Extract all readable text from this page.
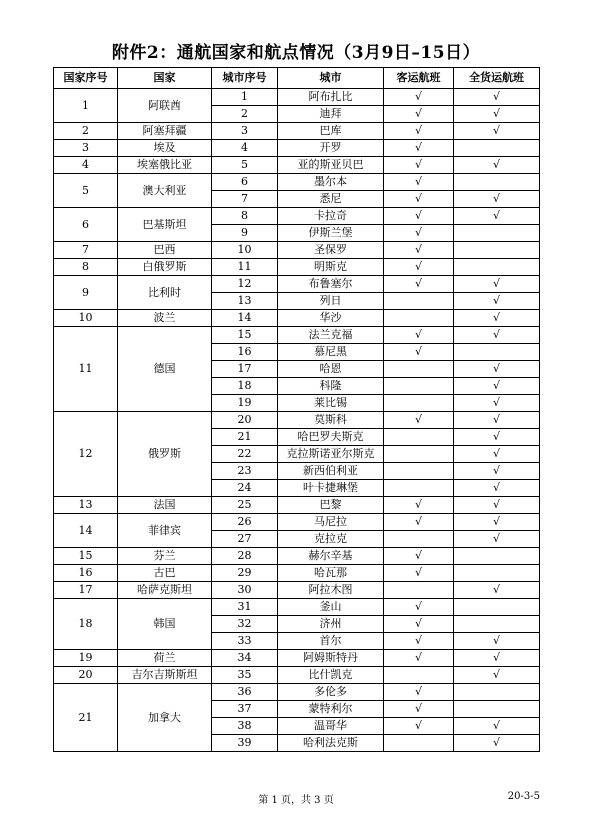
附件2：通航国家和航点情况（3月9日–15日）
国家序号	国家	城市序号	城市	客运航班	全货运航班
1	阿联酋	1	阿布扎比	√	√
		2	迪拜	√	√
2	阿塞拜疆	3	巴库	√	√
3	埃及	4	开罗	√	
4	埃塞俄比亚	5	亚的斯亚贝巴	√	√
5	澳大利亚	6	墨尔本	√	
		7	悉尼	√	√
6	巴基斯坦	8	卡拉奇	√	√
		9	伊斯兰堡	√	
7	巴西	10	圣保罗	√	
8	白俄罗斯	11	明斯克	√	
9	比利时	12	布鲁塞尔	√	√
		13	列日		√
10	波兰	14	华沙		√
11	德国	15	法兰克福	√	√
		16	慕尼黑	√	
		17	哈恩		√
		18	科隆		√
		19	莱比锡		√
12	俄罗斯	20	莫斯科	√	√
		21	哈巴罗夫斯克		√
		22	克拉斯诺亚尔斯克		√
		23	新西伯利亚		√
		24	叶卡捷琳堡		√
13	法国	25	巴黎	√	√
14	菲律宾	26	马尼拉	√	√
		27	克拉克		√
15	芬兰	28	赫尔辛基	√	
16	古巴	29	哈瓦那	√	
17	哈萨克斯坦	30	阿拉木图		√
18	韩国	31	釜山	√	
		32	济州	√	
		33	首尔	√	√
19	荷兰	34	阿姆斯特丹	√	√
20	吉尔吉斯斯坦	35	比什凯克		√
21	加拿大	36	多伦多	√	
		37	蒙特利尔	√	
		38	温哥华	√	√
		39	哈利法克斯		√
第 1 页，共 3 页	20-3-5
